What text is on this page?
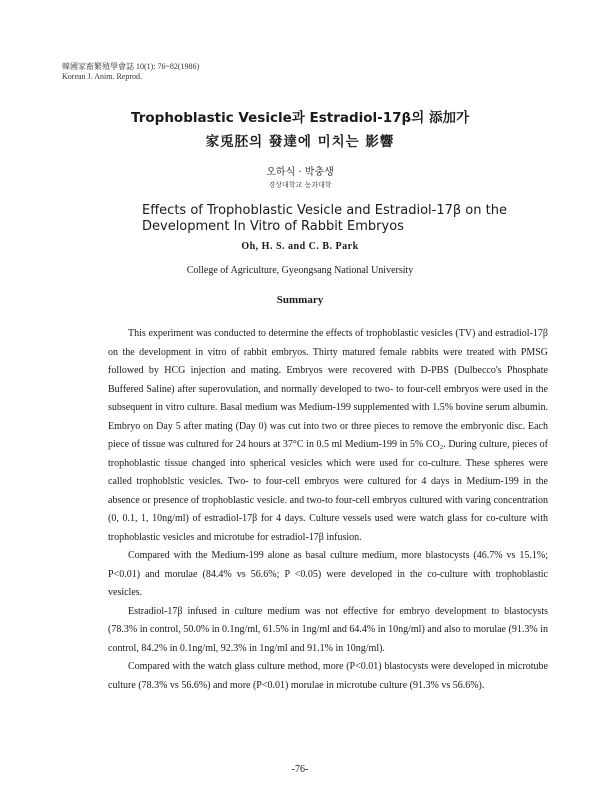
韓國家畜繁殖學會誌 10(1): 76~82(1986)
Korean J. Anim. Reprod.
Trophoblastic Vesicle과 Estradiol-17β의 添加가
家兎胚의 發達에 미치는 影響
오하식 · 박충생
경상대학교 농과대학
Effects of Trophoblastic Vesicle and Estradiol-17β on the
Development In Vitro of Rabbit Embryos
Oh, H. S. and C. B. Park
College of Agriculture, Gyeongsang National University
Summary

This experiment was conducted to determine the effects of trophoblastic vesicles (TV) and estradiol-17β on the development in vitro of rabbit embryos. Thirty matured female rabbits were treated with PMSG followed by HCG injection and mating. Embryos were recovered with D-PBS (Dulbecco's Phosphate Buffered Saline) after superovulation, and normally developed to two- to four-cell embryos were used in the subsequent in vitro culture. Basal medium was Medium-199 supplemented with 1.5% bovine serum albumin. Embryo on Day 5 after mating (Day 0) was cut into two or three pieces to remove the embryonic disc. Each piece of tissue was cultured for 24 hours at 37°C in 0.5 ml Medium-199 in 5% CO₂. During culture, pieces of trophoblastic tissue changed into spherical vesicles which were used for co-culture. These spheres were called trophoblstic vesicles. Two- to four-cell embryos were cultured for 4 days in Medium-199 in the absence or presence of trophoblastic vesicle. and two-to four-cell embryos cultured with varing concentration (0, 0.1, 1, 10ng/ml) of estradiol-17β for 4 days. Culture vessels used were watch glass for co-culture with trophoblastic vesicles and microtube for estradiol-17β infusion.

Compared with the Medium-199 alone as basal culture medium, more blastocysts (46.7% vs 15.1%; P<0.01) and morulae (84.4% vs 56.6%; P <0.05) were developed in the co-culture with trophoblastic vesicles.

Estradiol-17β infused in culture medium was not effective for embryo development to blastocysts (78.3% in control, 50.0% in 0.1ng/ml, 61.5% in 1ng/ml and 64.4% in 10ng/ml) and also to morulae (91.3% in control, 84.2% in 0.1ng/ml, 92.3% in 1ng/ml and 91.1% in 10ng/ml).

Compared with the watch glass culture method, more (P<0.01) blastocysts were developed in microtube culture (78.3% vs 56.6%) and more (P<0.01) morulae in microtube culture (91.3% vs 56.6%).

-76-
